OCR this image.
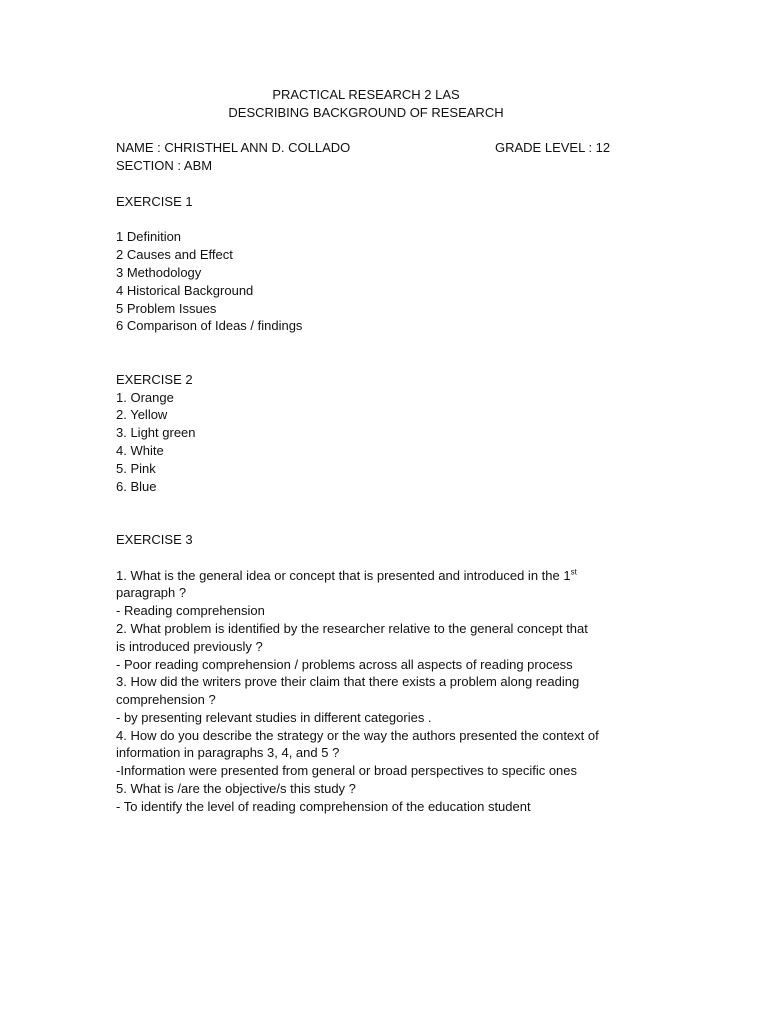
PRACTICAL RESEARCH 2 LAS
DESCRIBING BACKGROUND OF RESEARCH
NAME : CHRISTHEL ANN D. COLLADO	GRADE LEVEL : 12
SECTION : ABM
EXERCISE 1
1 Definition
2 Causes and Effect
3 Methodology
4 Historical Background
5 Problem Issues
6 Comparison of Ideas / findings
EXERCISE 2
1. Orange
2. Yellow
3. Light green
4. White
5. Pink
6. Blue
EXERCISE 3
1. What is the general idea or concept that is presented and introduced in the 1st
paragraph ?
- Reading comprehension
2. What problem is identified by the researcher relative to the general concept that
is introduced previously ?
- Poor reading comprehension / problems across all aspects of reading process
3. How did the writers prove their claim that there exists a problem along reading
comprehension ?
- by presenting relevant studies in different categories .
4. How do you describe the strategy or the way the authors presented the context of
information in paragraphs 3, 4, and 5 ?
-Information were presented from general or broad perspectives to specific ones
5. What is /are the objective/s this study ?
- To identify the level of reading comprehension of the education student
